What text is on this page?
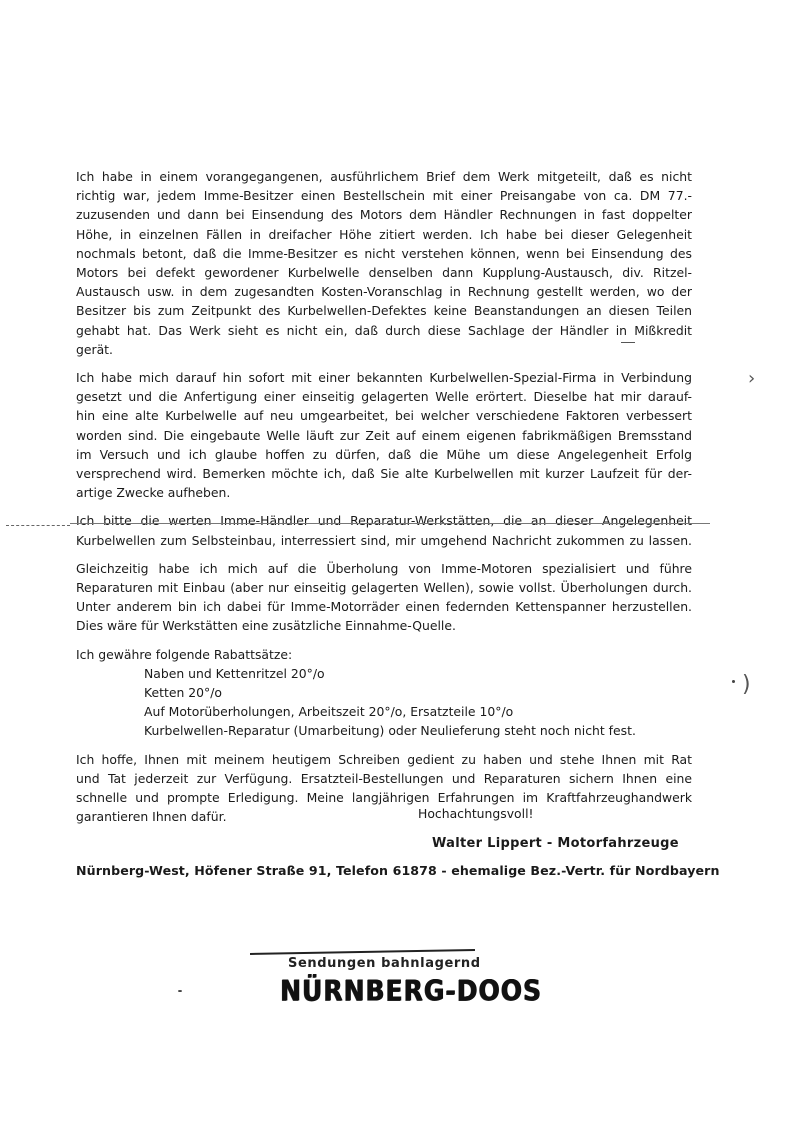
Ich habe in einem vorangegangenen, ausführlichem Brief dem Werk mitgeteilt, daß es nicht
richtig war, jedem Imme-Besitzer einen Bestellschein mit einer Preisangabe von ca. DM 77.-
zuzusenden und dann bei Einsendung des Motors dem Händler Rechnungen in fast doppelter
Höhe, in einzelnen Fällen in dreifacher Höhe zitiert werden. Ich habe bei dieser Gelegenheit
nochmals betont, daß die Imme-Besitzer es nicht verstehen können, wenn bei Einsendung des
Motors bei defekt gewordener Kurbelwelle denselben dann Kupplung-Austausch, div. Ritzel-
Austausch usw. in dem zugesandten Kosten-Voranschlag in Rechnung gestellt werden, wo der
Besitzer bis zum Zeitpunkt des Kurbelwellen-Defektes keine Beanstandungen an diesen Teilen
gehabt hat. Das Werk sieht es nicht ein, daß durch diese Sachlage der Händler in Mißkredit
gerät.
Ich habe mich darauf hin sofort mit einer bekannten Kurbelwellen-Spezial-Firma in Verbindung
gesetzt und die Anfertigung einer einseitig gelagerten Welle erörtert. Dieselbe hat mir darauf-
hin eine alte Kurbelwelle auf neu umgearbeitet, bei welcher verschiedene Faktoren verbessert
worden sind. Die eingebaute Welle läuft zur Zeit auf einem eigenen fabrikmäßigen Bremsstand
im Versuch und ich glaube hoffen zu dürfen, daß die Mühe um diese Angelegenheit Erfolg
versprechend wird. Bemerken möchte ich, daß Sie alte Kurbelwellen mit kurzer Laufzeit für der-
artige Zwecke aufheben.
Ich bitte die werten Imme-Händler und Reparatur-Werkstätten, die an dieser Angelegenheit
Kurbelwellen zum Selbsteinbau, interressiert sind, mir umgehend Nachricht zukommen zu lassen.
Gleichzeitig habe ich mich auf die Überholung von Imme-Motoren spezialisiert und führe
Reparaturen mit Einbau (aber nur einseitig gelagerten Wellen), sowie vollst. Überholungen durch.
Unter anderem bin ich dabei für Imme-Motorräder einen federnden Kettenspanner herzustellen.
Dies wäre für Werkstätten eine zusätzliche Einnahme-Quelle.
Ich gewähre folgende Rabattsätze:
Naben und Kettenritzel 20°/o
Ketten 20°/o
Auf Motorüberholungen, Arbeitszeit 20°/o, Ersatzteile 10°/o
Kurbelwellen-Reparatur (Umarbeitung) oder Neulieferung steht noch nicht fest.
Ich hoffe, Ihnen mit meinem heutigem Schreiben gedient zu haben und stehe Ihnen mit Rat
und Tat jederzeit zur Verfügung. Ersatzteil-Bestellungen und Reparaturen sichern Ihnen eine
schnelle und prompte Erledigung. Meine langjährigen Erfahrungen im Kraftfahrzeughandwerk
garantieren Ihnen dafür.	Hochachtungsvoll!
Walter Lippert - Motorfahrzeuge
Nürnberg-West, Höfener Straße 91, Telefon 61878 - ehemalige Bez.-Vertr. für Nordbayern
Sendungen bahnlagernd
NÜRNBERG-DOOS
›
)
